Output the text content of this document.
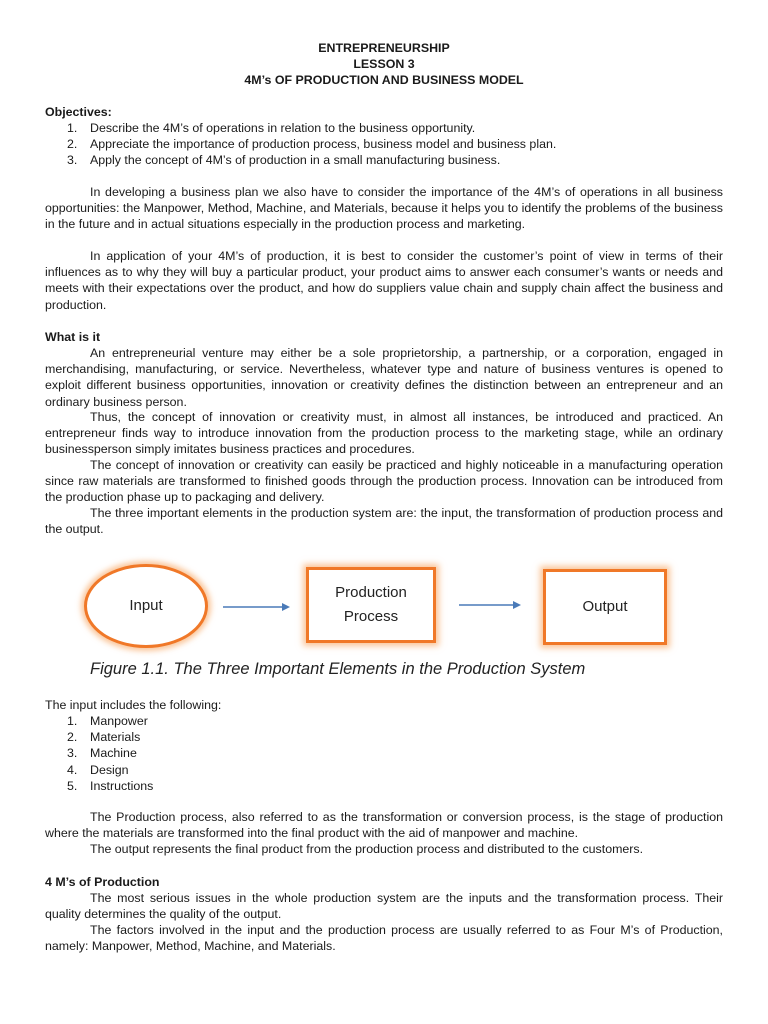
ENTREPRENEURSHIP
LESSON 3
4M’s OF PRODUCTION AND BUSINESS MODEL
Objectives:
1. Describe the 4M’s of operations in relation to the business opportunity.
2. Appreciate the importance of production process, business model and business plan.
3. Apply the concept of 4M’s of production in a small manufacturing business.
In developing a business plan we also have to consider the importance of the 4M’s of operations in all business opportunities: the Manpower, Method, Machine, and Materials, because it helps you to identify the problems of the business in the future and in actual situations especially in the production process and marketing.
In application of your 4M’s of production, it is best to consider the customer’s point of view in terms of their influences as to why they will buy a particular product, your product aims to answer each consumer’s wants or needs and meets with their expectations over the product, and how do suppliers value chain and supply chain affect the business and production.
What is it
An entrepreneurial venture may either be a sole proprietorship, a partnership, or a corporation, engaged in merchandising, manufacturing, or service. Nevertheless, whatever type and nature of business ventures is opened to exploit different business opportunities, innovation or creativity defines the distinction between an entrepreneur and an ordinary business person.
Thus, the concept of innovation or creativity must, in almost all instances, be introduced and practiced. An entrepreneur finds way to introduce innovation from the production process to the marketing stage, while an ordinary businessperson simply imitates business practices and procedures.
The concept of innovation or creativity can easily be practiced and highly noticeable in a manufacturing operation since raw materials are transformed to finished goods through the production process. Innovation can be introduced from the production phase up to packaging and delivery.
The three important elements in the production system are: the input, the transformation of production process and the output.
Input
Production
Process
Output
Figure 1.1. The Three Important Elements in the Production System
The input includes the following:
1. Manpower
2. Materials
3. Machine
4. Design
5. Instructions
The Production process, also referred to as the transformation or conversion process, is the stage of production where the materials are transformed into the final product with the aid of manpower and machine.
The output represents the final product from the production process and distributed to the customers.
4 M’s of Production
The most serious issues in the whole production system are the inputs and the transformation process. Their quality determines the quality of the output.
The factors involved in the input and the production process are usually referred to as Four M’s of Production, namely: Manpower, Method, Machine, and Materials.
